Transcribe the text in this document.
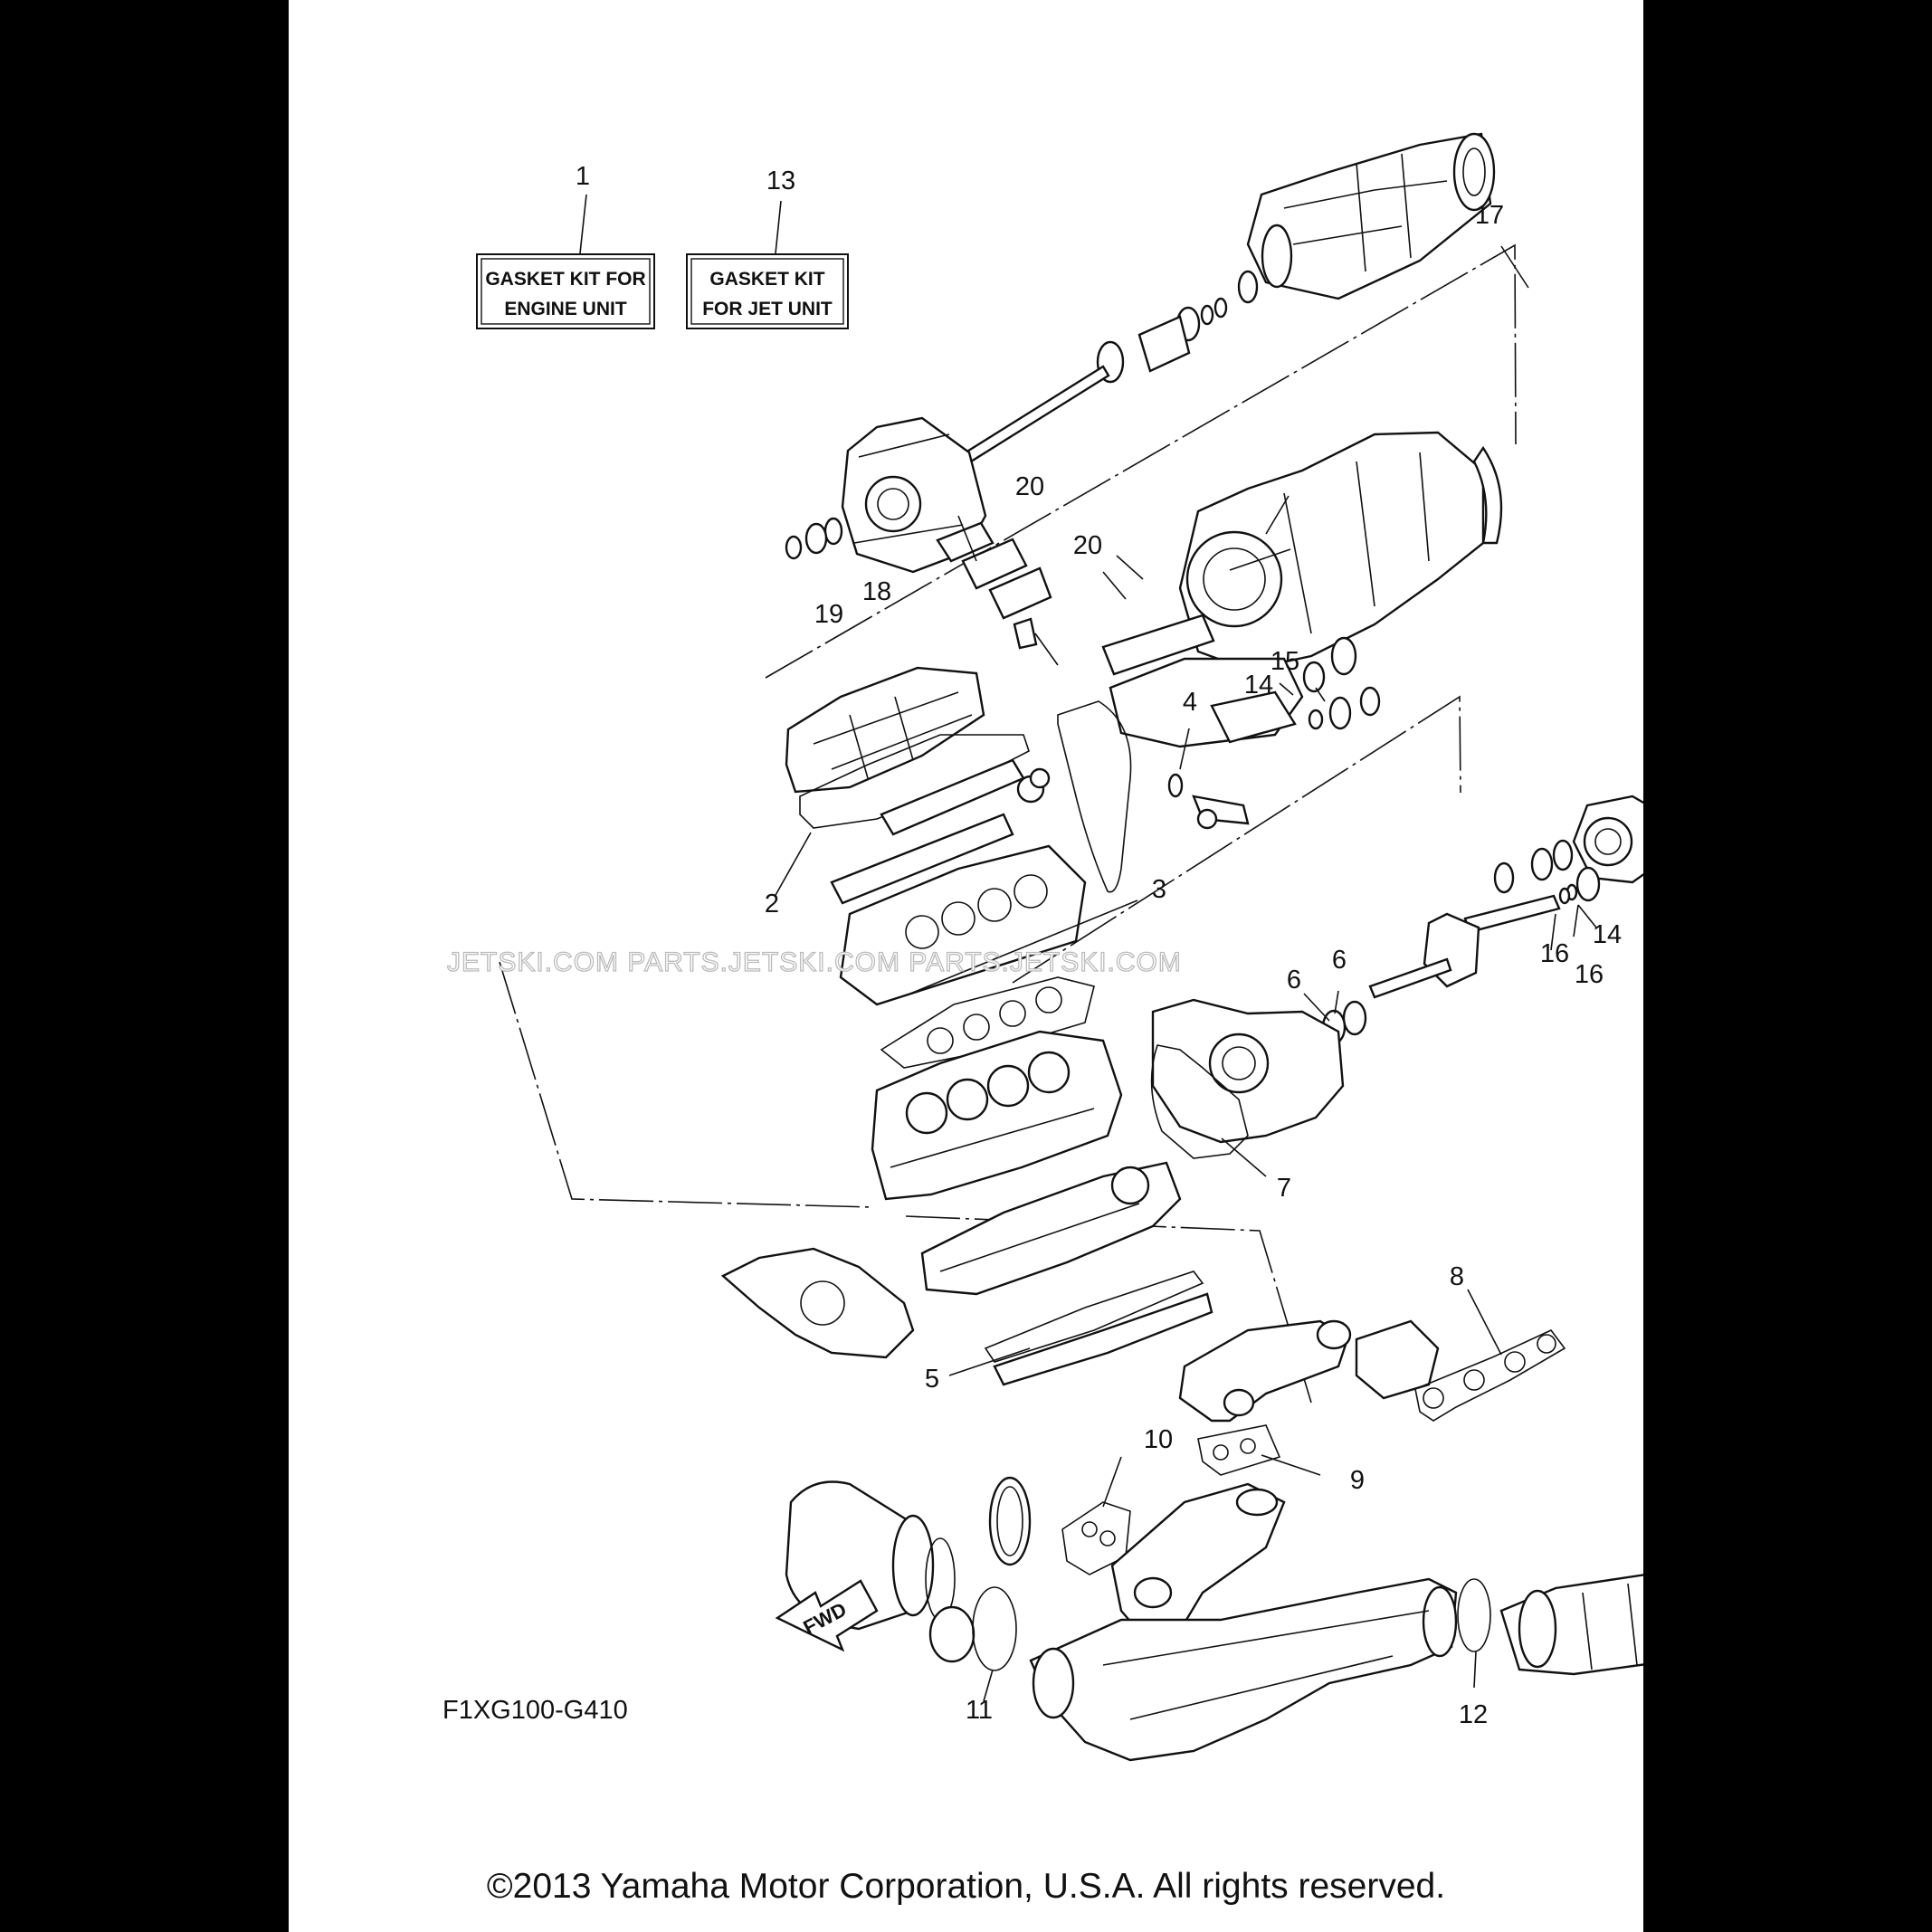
GASKET KIT FOR
ENGINE UNIT
GASKET KIT
FOR JET UNIT
FWD
1
2	3
4
5
6
6
7
8
9
10
11	12
13
14
14
15
16
16
17
18
19
20
20
F1XG100-G410
JETSKI.COM PARTS.JETSKI.COM PARTS.JETSKI.COM
©2013 Yamaha Motor Corporation, U.S.A. All rights reserved.
